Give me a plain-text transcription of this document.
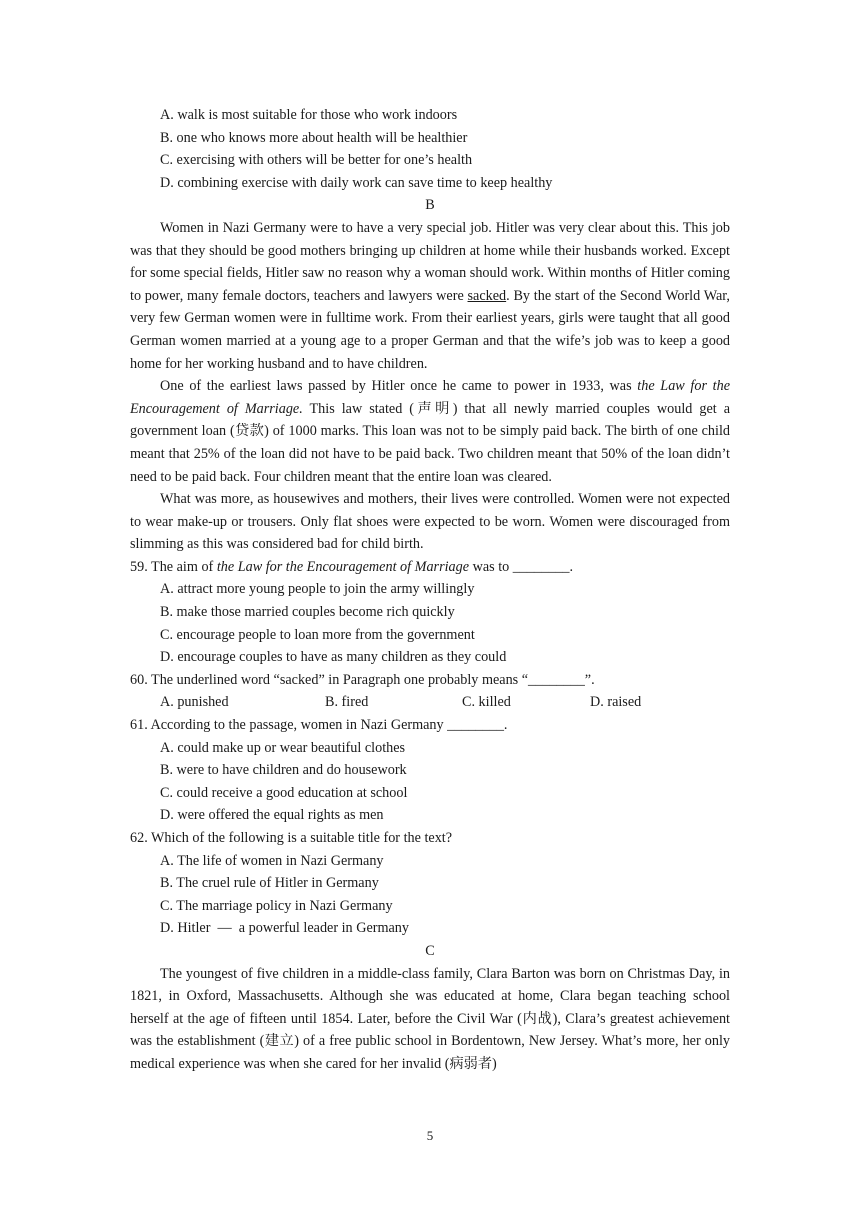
A. walk is most suitable for those who work indoors
B. one who knows more about health will be healthier
C. exercising with others will be better for one’s health
D. combining exercise with daily work can save time to keep healthy
B

Women in Nazi Germany were to have a very special job. Hitler was very clear about this. This job was that they should be good mothers bringing up children at home while their husbands worked. Except for some special fields, Hitler saw no reason why a woman should work. Within months of Hitler coming to power, many female doctors, teachers and lawyers were sacked. By the start of the Second World War, very few German women were in fulltime work. From their earliest years, girls were taught that all good German women married at a young age to a proper German and that the wife’s job was to keep a good home for her working husband and to have children.

One of the earliest laws passed by Hitler once he came to power in 1933, was the Law for the Encouragement of Marriage. This law stated (声明) that all newly married couples would get a government loan (贷款) of 1000 marks. This loan was not to be simply paid back. The birth of one child meant that 25% of the loan did not have to be paid back. Two children meant that 50% of the loan didn’t need to be paid back. Four children meant that the entire loan was cleared.

What was more, as housewives and mothers, their lives were controlled. Women were not expected to wear make-up or trousers. Only flat shoes were expected to be worn. Women were discouraged from slimming as this was considered bad for child birth.

59. The aim of the Law for the Encouragement of Marriage was to ________.
A. attract more young people to join the army willingly
B. make those married couples become rich quickly
C. encourage people to loan more from the government
D. encourage couples to have as many children as they could
60. The underlined word “sacked” in Paragraph one probably means “________”.
A. punished	B. fired	C. killed	D. raised
61. According to the passage, women in Nazi Germany ________.
A. could make up or wear beautiful clothes
B. were to have children and do housework
C. could receive a good education at school
D. were offered the equal rights as men
62. Which of the following is a suitable title for the text?
A. The life of women in Nazi Germany
B. The cruel rule of Hitler in Germany
C. The marriage policy in Nazi Germany
D. Hitler  —  a powerful leader in Germany
C

The youngest of five children in a middle-class family, Clara Barton was born on Christmas Day, in 1821, in Oxford, Massachusetts. Although she was educated at home, Clara began teaching school herself at the age of fifteen until 1854. Later, before the Civil War (内战), Clara’s greatest achievement was the establishment (建立) of a free public school in Bordentown, New Jersey. What’s more, her only medical experience was when she cared for her invalid (病弱者)

5
